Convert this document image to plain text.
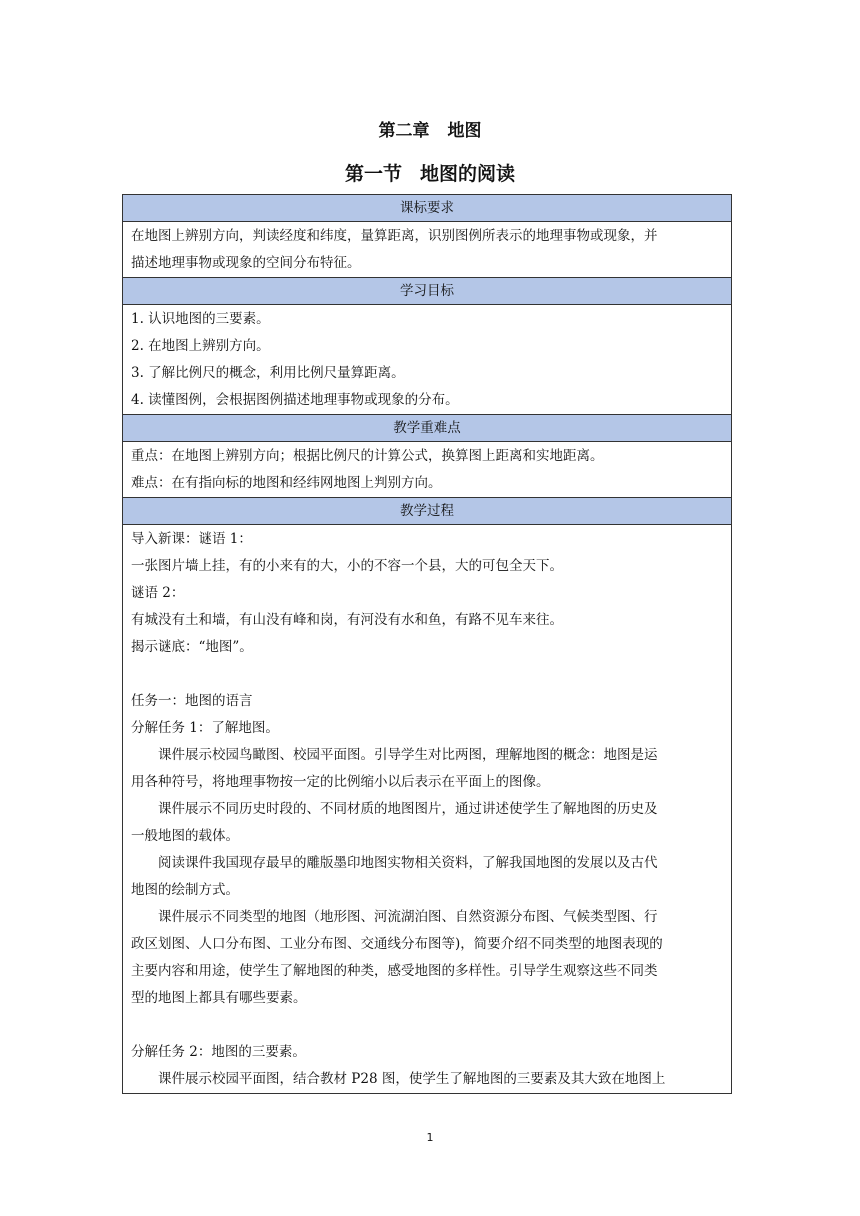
第二章 地图
第一节 地图的阅读
课标要求
在地图上辨别方向，判读经度和纬度，量算距离，识别图例所表示的地理事物或现象，并
描述地理事物或现象的空间分布特征。
学习目标
1. 认识地图的三要素。
2. 在地图上辨别方向。
3. 了解比例尺的概念，利用比例尺量算距离。
4. 读懂图例，会根据图例描述地理事物或现象的分布。
教学重难点
重点：在地图上辨别方向；根据比例尺的计算公式，换算图上距离和实地距离。
难点：在有指向标的地图和经纬网地图上判别方向。
教学过程
导入新课：谜语 1：
一张图片墙上挂，有的小来有的大，小的不容一个县，大的可包全天下。
谜语 2：
有城没有土和墙，有山没有峰和岗，有河没有水和鱼，有路不见车来往。
揭示谜底：“地图”。
任务一：地图的语言
分解任务 1：了解地图。
课件展示校园鸟瞰图、校园平面图。引导学生对比两图，理解地图的概念：地图是运
用各种符号，将地理事物按一定的比例缩小以后表示在平面上的图像。
课件展示不同历史时段的、不同材质的地图图片，通过讲述使学生了解地图的历史及
一般地图的载体。
阅读课件我国现存最早的雕版墨印地图实物相关资料，了解我国地图的发展以及古代
地图的绘制方式。
课件展示不同类型的地图（地形图、河流湖泊图、自然资源分布图、气候类型图、行
政区划图、人口分布图、工业分布图、交通线分布图等)，简要介绍不同类型的地图表现的
主要内容和用途，使学生了解地图的种类，感受地图的多样性。引导学生观察这些不同类
型的地图上都具有哪些要素。
分解任务 2：地图的三要素。
课件展示校园平面图，结合教材 P28 图，使学生了解地图的三要素及其大致在地图上
1
